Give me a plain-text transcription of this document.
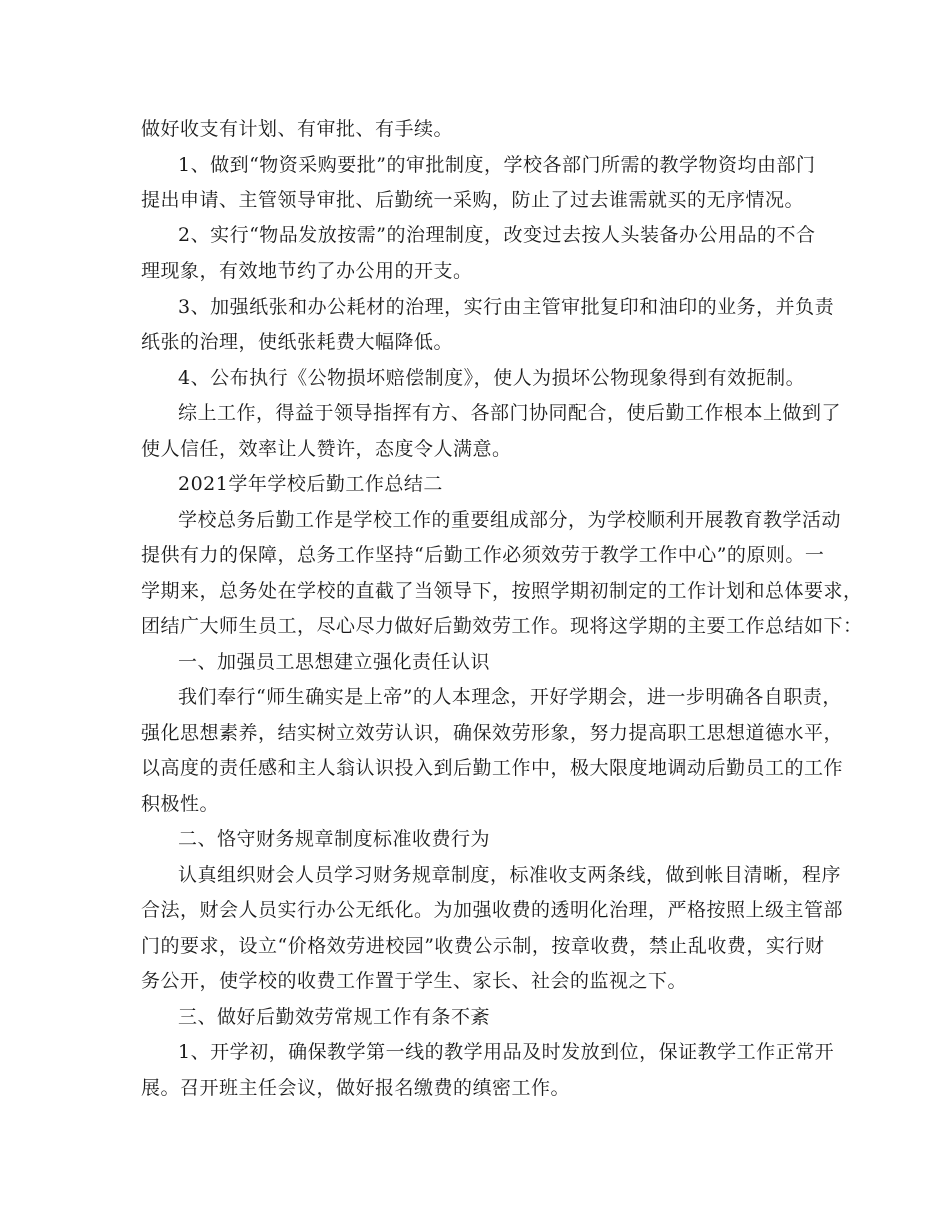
做好收支有计划、有审批、有手续。
1、做到“物资采购要批”的审批制度，学校各部门所需的教学物资均由部门
提出申请、主管领导审批、后勤统一采购，防止了过去谁需就买的无序情况。
2、实行“物品发放按需”的治理制度，改变过去按人头装备办公用品的不合
理现象，有效地节约了办公用的开支。
3、加强纸张和办公耗材的治理，实行由主管审批复印和油印的业务，并负责
纸张的治理，使纸张耗费大幅降低。
4、公布执行《公物损坏赔偿制度》，使人为损坏公物现象得到有效扼制。
综上工作，得益于领导指挥有方、各部门协同配合，使后勤工作根本上做到了
使人信任，效率让人赞许，态度令人满意。
2021学年学校后勤工作总结二
学校总务后勤工作是学校工作的重要组成部分，为学校顺利开展教育教学活动
提供有力的保障，总务工作坚持“后勤工作必须效劳于教学工作中心”的原则。一
学期来，总务处在学校的直截了当领导下，按照学期初制定的工作计划和总体要求，
团结广大师生员工，尽心尽力做好后勤效劳工作。现将这学期的主要工作总结如下：
一、加强员工思想建立强化责任认识
我们奉行“师生确实是上帝”的人本理念，开好学期会，进一步明确各自职责，
强化思想素养，结实树立效劳认识，确保效劳形象，努力提高职工思想道德水平，
以高度的责任感和主人翁认识投入到后勤工作中，极大限度地调动后勤员工的工作
积极性。
二、恪守财务规章制度标准收费行为
认真组织财会人员学习财务规章制度，标准收支两条线，做到帐目清晰，程序
合法，财会人员实行办公无纸化。为加强收费的透明化治理，严格按照上级主管部
门的要求，设立“价格效劳进校园”收费公示制，按章收费，禁止乱收费，实行财
务公开，使学校的收费工作置于学生、家长、社会的监视之下。
三、做好后勤效劳常规工作有条不紊
1、开学初，确保教学第一线的教学用品及时发放到位，保证教学工作正常开
展。召开班主任会议，做好报名缴费的缜密工作。
